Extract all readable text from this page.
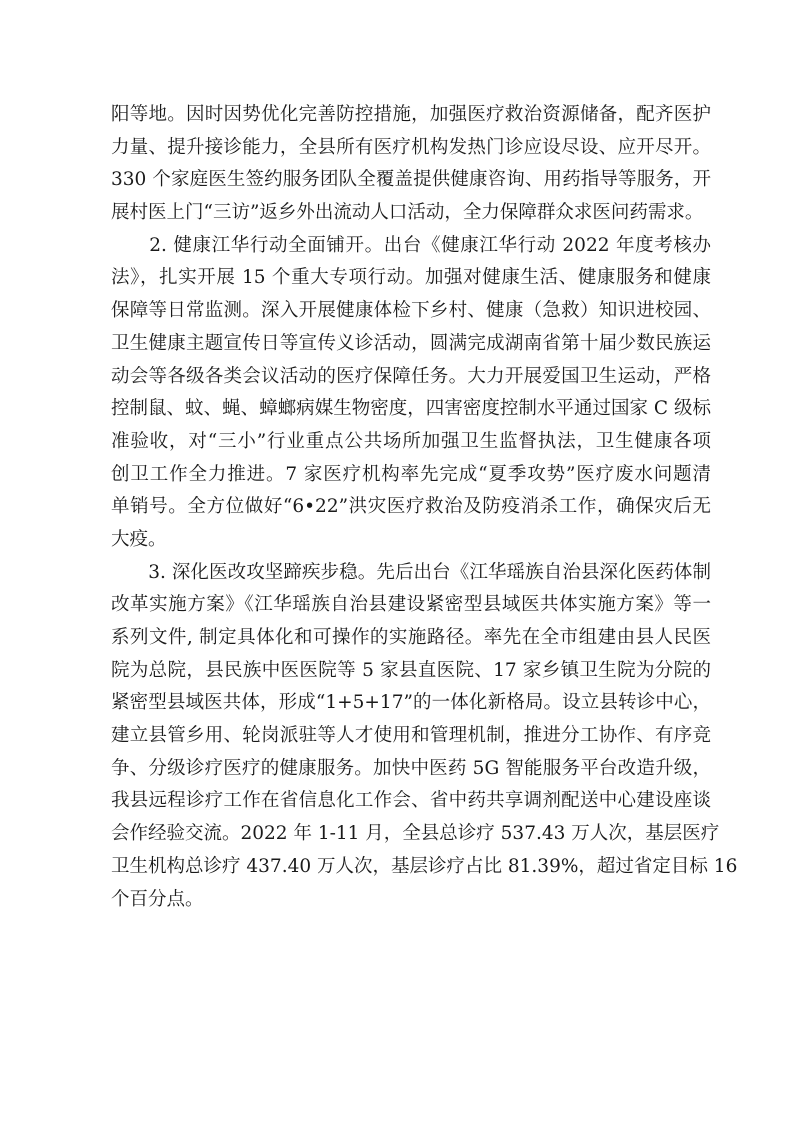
阳等地。因时因势优化完善防控措施，加强医疗救治资源储备，配齐医护
力量、提升接诊能力，全县所有医疗机构发热门诊应设尽设、应开尽开。
330 个家庭医生签约服务团队全覆盖提供健康咨询、用药指导等服务，开
展村医上门“三访”返乡外出流动人口活动，全力保障群众求医问药需求。
　　2. 健康江华行动全面铺开。出台《健康江华行动 2022 年度考核办
法》，扎实开展 15 个重大专项行动。加强对健康生活、健康服务和健康
保障等日常监测。深入开展健康体检下乡村、健康（急救）知识进校园、
卫生健康主题宣传日等宣传义诊活动，圆满完成湖南省第十届少数民族运
动会等各级各类会议活动的医疗保障任务。大力开展爱国卫生运动，严格
控制鼠、蚊、蝇、蟑螂病媒生物密度，四害密度控制水平通过国家 C 级标
准验收，对“三小”行业重点公共场所加强卫生监督执法，卫生健康各项
创卫工作全力推进。7 家医疗机构率先完成“夏季攻势”医疗废水问题清
单销号。全方位做好“6•22”洪灾医疗救治及防疫消杀工作，确保灾后无
大疫。
　　3. 深化医改攻坚蹄疾步稳。先后出台《江华瑶族自治县深化医药体制
改革实施方案》《江华瑶族自治县建设紧密型县域医共体实施方案》等一
系列文件, 制定具体化和可操作的实施路径。率先在全市组建由县人民医
院为总院，县民族中医医院等 5 家县直医院、17 家乡镇卫生院为分院的
紧密型县域医共体，形成“1+5+17”的一体化新格局。设立县转诊中心，
建立县管乡用、轮岗派驻等人才使用和管理机制，推进分工协作、有序竞
争、分级诊疗医疗的健康服务。加快中医药 5G 智能服务平台改造升级，
我县远程诊疗工作在省信息化工作会、省中药共享调剂配送中心建设座谈
会作经验交流。2022 年 1-11 月，全县总诊疗 537.43 万人次，基层医疗
卫生机构总诊疗 437.40 万人次，基层诊疗占比 81.39%，超过省定目标 16
个百分点。
